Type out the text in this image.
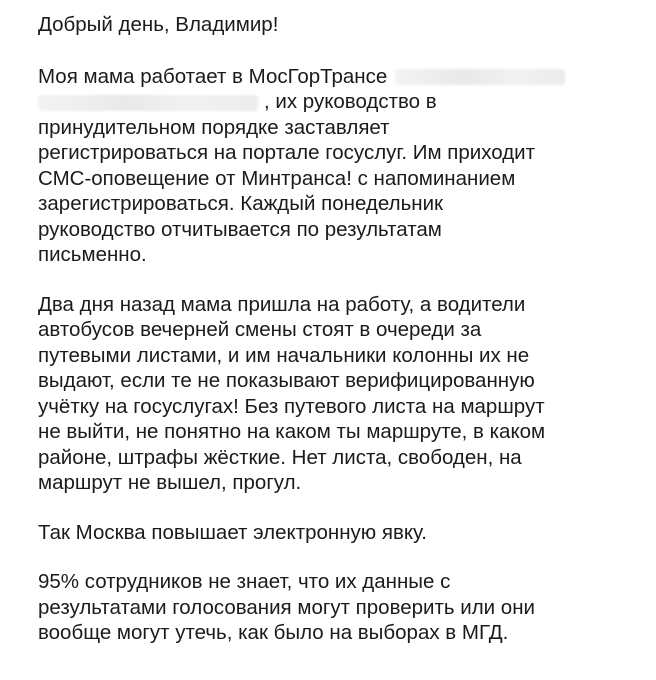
Добрый день, Владимир!
Моя мама работает в МосГорТрансе
, их руководство в
принудительном порядке заставляет
регистрироваться на портале госуслуг. Им приходит
СМС-оповещение от Минтранса! с напоминанием
зарегистрироваться. Каждый понедельник
руководство отчитывается по результатам
письменно.
Два дня назад мама пришла на работу, а водители
автобусов вечерней смены стоят в очереди за
путевыми листами, и им начальники колонны их не
выдают, если те не показывают верифицированную
учётку на госуслугах! Без путевого листа на маршрут
не выйти, не понятно на каком ты маршруте, в каком
районе, штрафы жёсткие. Нет листа, свободен, на
маршрут не вышел, прогул.
Так Москва повышает электронную явку.
95% сотрудников не знает, что их данные с
результатами голосования могут проверить или они
вообще могут утечь, как было на выборах в МГД.
